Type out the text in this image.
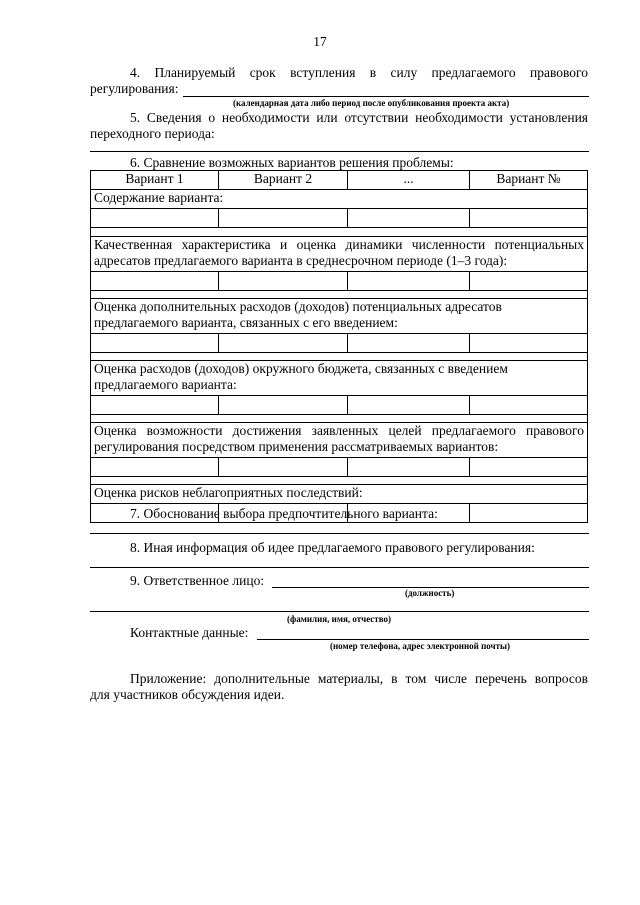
17
4. Планируемый срок вступления в силу предлагаемого правового
регулирования:
(календарная дата либо период после опубликования проекта акта)
5. Сведения о необходимости или отсутствии необходимости установления
переходного периода:
6. Сравнение возможных вариантов решения проблемы:
Вариант 1	Вариант 2	...	Вариант №

Содержание варианта:			

Качественная характеристика и оценка динамики численности потенциальных
адресатов предлагаемого варианта в среднесрочном периоде (1–3 года):			

Оценка дополнительных расходов (доходов) потенциальных адресатов
предлагаемого варианта, связанных с его введением:			

Оценка расходов (доходов) окружного бюджета, связанных с введением
предлагаемого варианта:			

Оценка возможности достижения заявленных целей предлагаемого правового
регулирования посредством применения рассматриваемых вариантов:			

Оценка рисков неблагоприятных последствий:			

7. Обоснование выбора предпочтительного варианта:
8. Иная информация об идее предлагаемого правового регулирования:
9. Ответственное лицо:
(должность)
(фамилия, имя, отчество)
Контактные данные:
(номер телефона, адрес электронной почты)
Приложение: дополнительные материалы, в том числе перечень вопросов
для участников обсуждения идеи.
